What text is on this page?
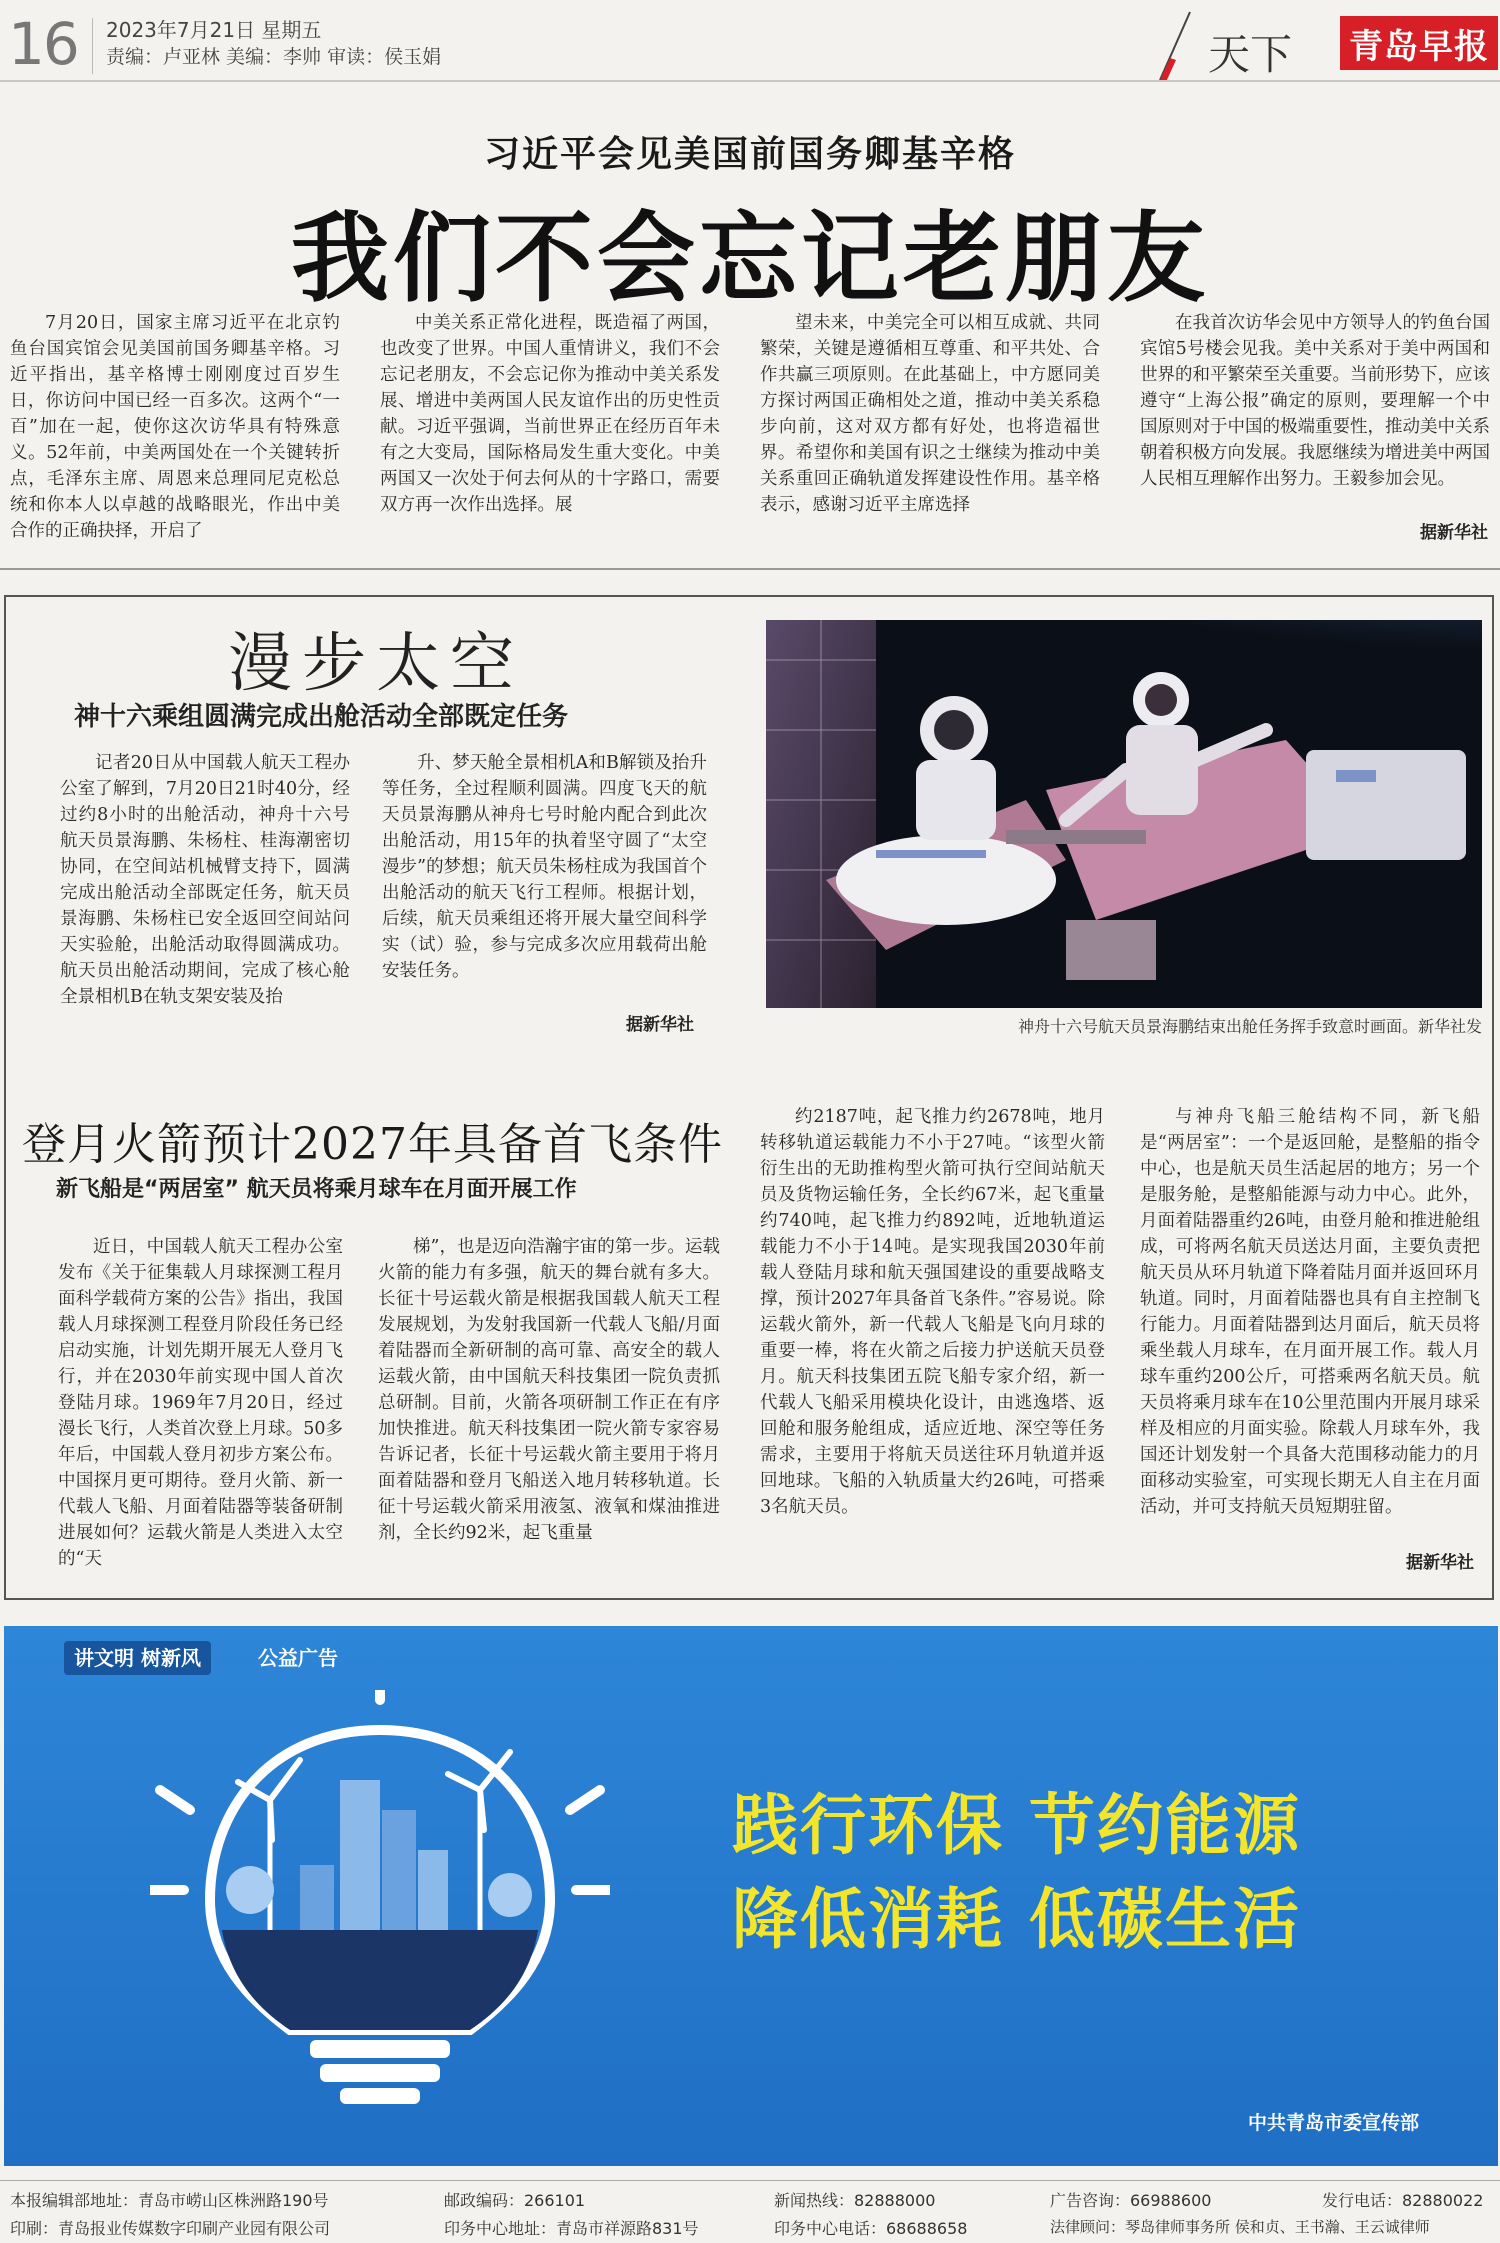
16 2023年7月21日 星期五
责编：卢亚林 美编：李帅 审读：侯玉娟	天下 青岛早报
习近平会见美国前国务卿基辛格
我们不会忘记老朋友
7月20日，国家主席习近平在北京钓鱼台国宾馆会见美国前国务卿基辛格。习近平指出，基辛格博士刚刚度过百岁生日，你访问中国已经一百多次。这两个“一百”加在一起，使你这次访华具有特殊意义。52年前，中美两国处在一个关键转折点，毛泽东主席、周恩来总理同尼克松总统和你本人以卓越的战略眼光，作出中美合作的正确抉择，开启了
中美关系正常化进程，既造福了两国，也改变了世界。中国人重情讲义，我们不会忘记老朋友，不会忘记你为推动中美关系发展、增进中美两国人民友谊作出的历史性贡献。习近平强调，当前世界正在经历百年未有之大变局，国际格局发生重大变化。中美两国又一次处于何去何从的十字路口，需要双方再一次作出选择。展
望未来，中美完全可以相互成就、共同繁荣，关键是遵循相互尊重、和平共处、合作共赢三项原则。在此基础上，中方愿同美方探讨两国正确相处之道，推动中美关系稳步向前，这对双方都有好处，也将造福世界。希望你和美国有识之士继续为推动中美关系重回正确轨道发挥建设性作用。基辛格表示，感谢习近平主席选择
在我首次访华会见中方领导人的钓鱼台国宾馆5号楼会见我。美中关系对于美中两国和世界的和平繁荣至关重要。当前形势下，应该遵守“上海公报”确定的原则，要理解一个中国原则对于中国的极端重要性，推动美中关系朝着积极方向发展。我愿继续为增进美中两国人民相互理解作出努力。王毅参加会见。
据新华社
漫步太空
神十六乘组圆满完成出舱活动全部既定任务
记者20日从中国载人航天工程办公室了解到，7月20日21时40分，经过约8小时的出舱活动，神舟十六号航天员景海鹏、朱杨柱、桂海潮密切协同，在空间站机械臂支持下，圆满完成出舱活动全部既定任务，航天员景海鹏、朱杨柱已安全返回空间站问天实验舱，出舱活动取得圆满成功。航天员出舱活动期间，完成了核心舱全景相机B在轨支架安装及抬
升、梦天舱全景相机A和B解锁及抬升等任务，全过程顺利圆满。四度飞天的航天员景海鹏从神舟七号时舱内配合到此次出舱活动，用15年的执着坚守圆了“太空漫步”的梦想；航天员朱杨柱成为我国首个出舱活动的航天飞行工程师。根据计划，后续，航天员乘组还将开展大量空间科学实（试）验，参与完成多次应用载荷出舱安装任务。
据新华社	神舟十六号航天员景海鹏结束出舱任务挥手致意时画面。新华社发
登月火箭预计2027年具备首飞条件
新飞船是“两居室” 航天员将乘月球车在月面开展工作
近日，中国载人航天工程办公室发布《关于征集载人月球探测工程月面科学载荷方案的公告》指出，我国载人月球探测工程登月阶段任务已经启动实施，计划先期开展无人登月飞行，并在2030年前实现中国人首次登陆月球。1969年7月20日，经过漫长飞行，人类首次登上月球。50多年后，中国载人登月初步方案公布。中国探月更可期待。登月火箭、新一代载人飞船、月面着陆器等装备研制进展如何？运载火箭是人类进入太空的“天
梯”，也是迈向浩瀚宇宙的第一步。运载火箭的能力有多强，航天的舞台就有多大。长征十号运载火箭是根据我国载人航天工程发展规划，为发射我国新一代载人飞船/月面着陆器而全新研制的高可靠、高安全的载人运载火箭，由中国航天科技集团一院负责抓总研制。目前，火箭各项研制工作正在有序加快推进。航天科技集团一院火箭专家容易告诉记者，长征十号运载火箭主要用于将月面着陆器和登月飞船送入地月转移轨道。长征十号运载火箭采用液氢、液氧和煤油推进剂，全长约92米，起飞重量
约2187吨，起飞推力约2678吨，地月转移轨道运载能力不小于27吨。“该型火箭衍生出的无助推构型火箭可执行空间站航天员及货物运输任务，全长约67米，起飞重量约740吨，起飞推力约892吨，近地轨道运载能力不小于14吨。是实现我国2030年前载人登陆月球和航天强国建设的重要战略支撑，预计2027年具备首飞条件。”容易说。除运载火箭外，新一代载人飞船是飞向月球的重要一棒，将在火箭之后接力护送航天员登月。航天科技集团五院飞船专家介绍，新一代载人飞船采用模块化设计，由逃逸塔、返回舱和服务舱组成，适应近地、深空等任务需求，主要用于将航天员送往环月轨道并返回地球。飞船的入轨质量大约26吨，可搭乘3名航天员。
与神舟飞船三舱结构不同，新飞船是“两居室”：一个是返回舱，是整船的指令中心，也是航天员生活起居的地方；另一个是服务舱，是整船能源与动力中心。此外，月面着陆器重约26吨，由登月舱和推进舱组成，可将两名航天员送达月面，主要负责把航天员从环月轨道下降着陆月面并返回环月轨道。同时，月面着陆器也具有自主控制飞行能力。月面着陆器到达月面后，航天员将乘坐载人月球车，在月面开展工作。载人月球车重约200公斤，可搭乘两名航天员。航天员将乘月球车在10公里范围内开展月球采样及相应的月面实验。除载人月球车外，我国还计划发射一个具备大范围移动能力的月面移动实验室，可实现长期无人自主在月面活动，并可支持航天员短期驻留。
据新华社
讲文明 树新风	公益广告
践行环保 节约能源
降低消耗 低碳生活
中共青岛市委宣传部
本报编辑部地址：青岛市崂山区株洲路190号	邮政编码：266101	新闻热线：82888000	广告咨询：66988600	发行电话：82880022
印刷：青岛报业传媒数字印刷产业园有限公司	印务中心地址：青岛市祥源路831号	印务中心电话：68688658	法律顾问：琴岛律师事务所 侯和贞、王书瀚、王云诚律师
